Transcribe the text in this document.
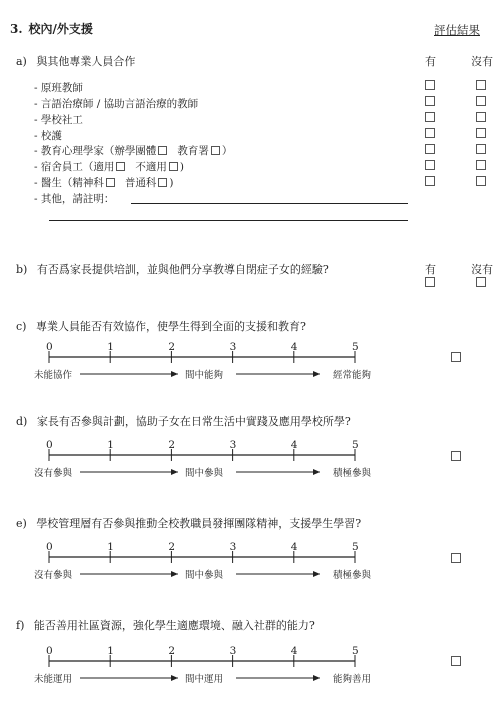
3. 校內/外支援	評估結果
a) 與其他專業人員合作	有	沒有
- 原班教師
- 言語治療師 / 協助言語治療的教師
- 學校社工
- 校護
- 教育心理學家（辦學團體 教育署 ）
- 宿舍員工（適用 不適用 )
- 醫生（精神科 普通科 )
- 其他，請註明：
b) 有否爲家長提供培訓，並與他們分享教導自閉症子女的經驗?	有	沒有
c) 專業人員能否有效協作，使學生得到全面的支援和教育?
0	1	2	3	4	5
未能協作	間中能夠	經常能夠
d) 家長有否參與計劃，協助子女在日常生活中實踐及應用學校所學?
0	1	2	3	4	5
沒有參與	間中參與	積極參與
e) 學校管理層有否參與推動全校教職員發揮團隊精神，支援學生學習?
0	1	2	3	4	5
沒有參與	間中參與	積極參與
f) 能否善用社區資源，強化學生適應環境、融入社群的能力?
0	1	2	3	4	5
未能運用	間中運用	能夠善用
